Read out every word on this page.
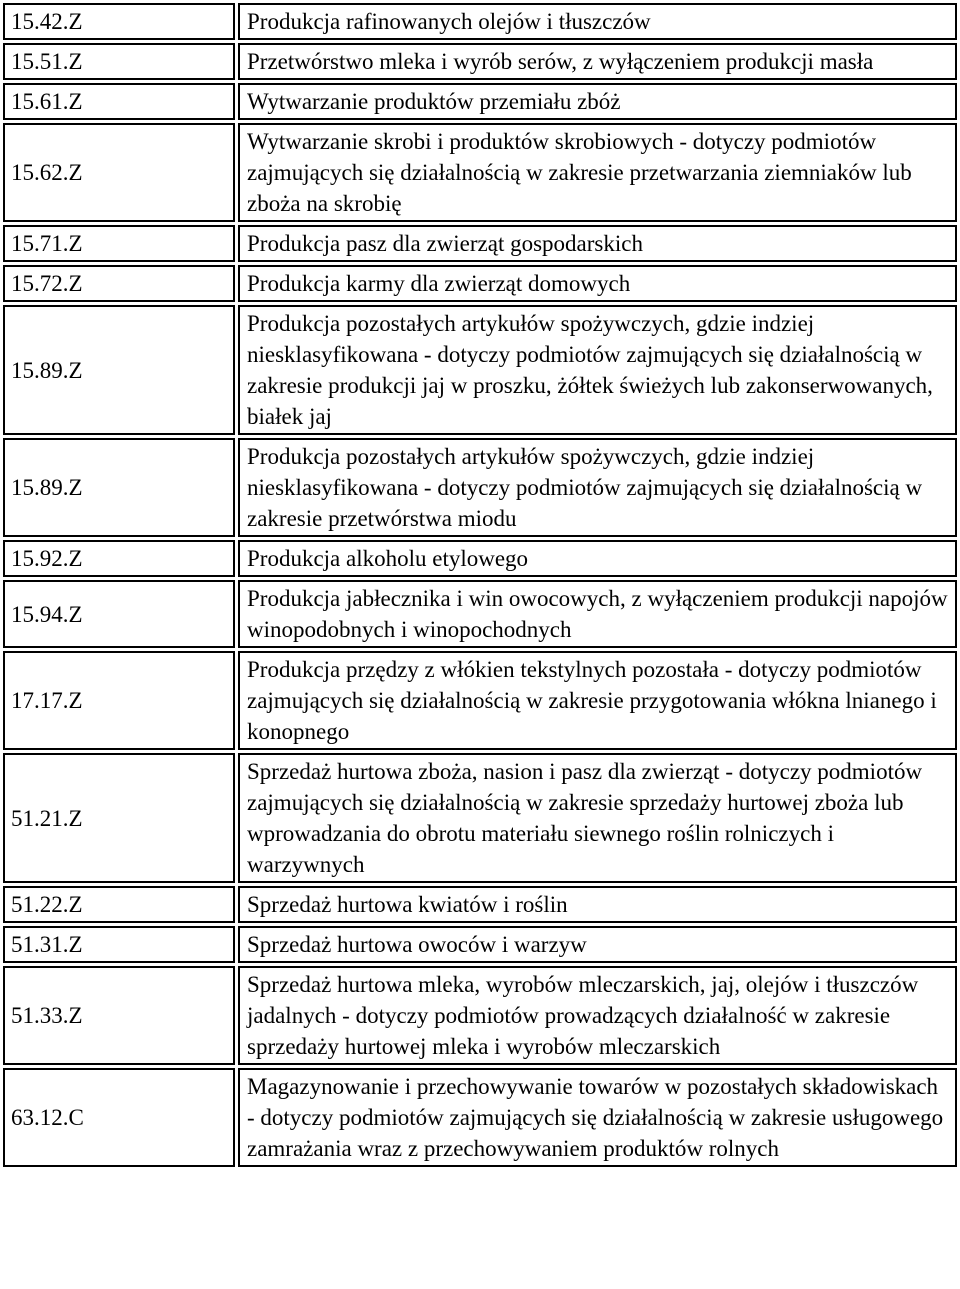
15.42.Z	Produkcja rafinowanych olejów i tłuszczów
15.51.Z	Przetwórstwo mleka i wyrób serów, z wyłączeniem produkcji masła
15.61.Z	Wytwarzanie produktów przemiału zbóż
15.62.Z	Wytwarzanie skrobi i produktów skrobiowych - dotyczy podmiotów zajmujących się działalnością w zakresie przetwarzania ziemniaków lub zboża na skrobię
15.71.Z	Produkcja pasz dla zwierząt gospodarskich
15.72.Z	Produkcja karmy dla zwierząt domowych
15.89.Z	Produkcja pozostałych artykułów spożywczych, gdzie indziej niesklasyfikowana - dotyczy podmiotów zajmujących się działalnością w zakresie produkcji jaj w proszku, żółtek świeżych lub zakonserwowanych, białek jaj
15.89.Z	Produkcja pozostałych artykułów spożywczych, gdzie indziej niesklasyfikowana - dotyczy podmiotów zajmujących się działalnością w zakresie przetwórstwa miodu
15.92.Z	Produkcja alkoholu etylowego
15.94.Z	Produkcja jabłecznika i win owocowych, z wyłączeniem produkcji napojów winopodobnych i winopochodnych
17.17.Z	Produkcja przędzy z włókien tekstylnych pozostała - dotyczy podmiotów zajmujących się działalnością w zakresie przygotowania włókna lnianego i konopnego
51.21.Z	Sprzedaż hurtowa zboża, nasion i pasz dla zwierząt - dotyczy podmiotów zajmujących się działalnością w zakresie sprzedaży hurtowej zboża lub wprowadzania do obrotu materiału siewnego roślin rolniczych i warzywnych
51.22.Z	Sprzedaż hurtowa kwiatów i roślin
51.31.Z	Sprzedaż hurtowa owoców i warzyw
51.33.Z	Sprzedaż hurtowa mleka, wyrobów mleczarskich, jaj, olejów i tłuszczów jadalnych - dotyczy podmiotów prowadzących działalność w zakresie sprzedaży hurtowej mleka i wyrobów mleczarskich
63.12.C	Magazynowanie i przechowywanie towarów w pozostałych składowiskach - dotyczy podmiotów zajmujących się działalnością w zakresie usługowego zamrażania wraz z przechowywaniem produktów rolnych
